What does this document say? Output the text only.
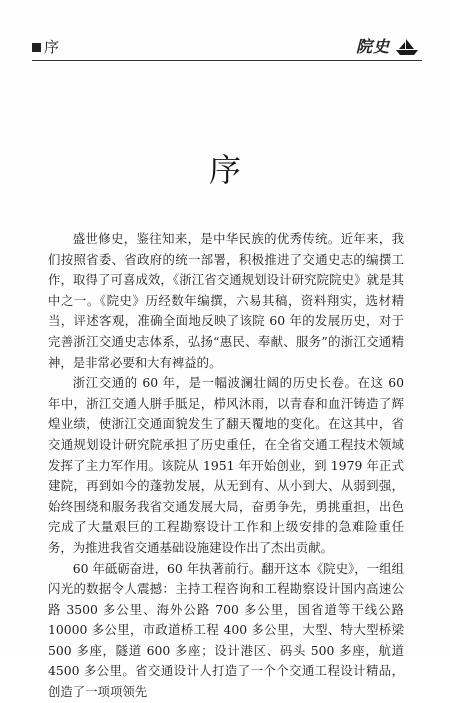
序	院史
序

盛世修史，鉴往知来，是中华民族的优秀传统。近年来，我们按照省委、省政府的统一部署，积极推进了交通史志的编撰工作，取得了可喜成效，《浙江省交通规划设计研究院院史》就是其中之一。《院史》历经数年编撰，六易其稿，资料翔实，选材精当，评述客观，准确全面地反映了该院 60 年的发展历史，对于完善浙江交通史志体系，弘扬“惠民、奉献、服务”的浙江交通精神，是非常必要和大有裨益的。

浙江交通的 60 年，是一幅波澜壮阔的历史长卷。在这 60 年中，浙江交通人胼手胝足，栉风沐雨，以青春和血汗铸造了辉煌业绩，使浙江交通面貌发生了翻天覆地的变化。在这其中，省交通规划设计研究院承担了历史重任，在全省交通工程技术领域发挥了主力军作用。该院从 1951 年开始创业，到 1979 年正式建院，再到如今的蓬勃发展，从无到有、从小到大、从弱到强，始终围绕和服务我省交通发展大局，奋勇争先，勇挑重担，出色完成了大量艰巨的工程勘察设计工作和上级安排的急难险重任务，为推进我省交通基础设施建设作出了杰出贡献。

60 年砥砺奋进，60 年执著前行。翻开这本《院史》，一组组闪光的数据令人震撼：主持工程咨询和工程勘察设计国内高速公路 3500 多公里、海外公路 700 多公里，国省道等干线公路 10000 多公里，市政道桥工程 400 多公里，大型、特大型桥梁 500 多座，隧道 600 多座；设计港区、码头 500 多座，航道 4500 多公里。省交通设计人打造了一个个交通工程设计精品，创造了一项项领先
